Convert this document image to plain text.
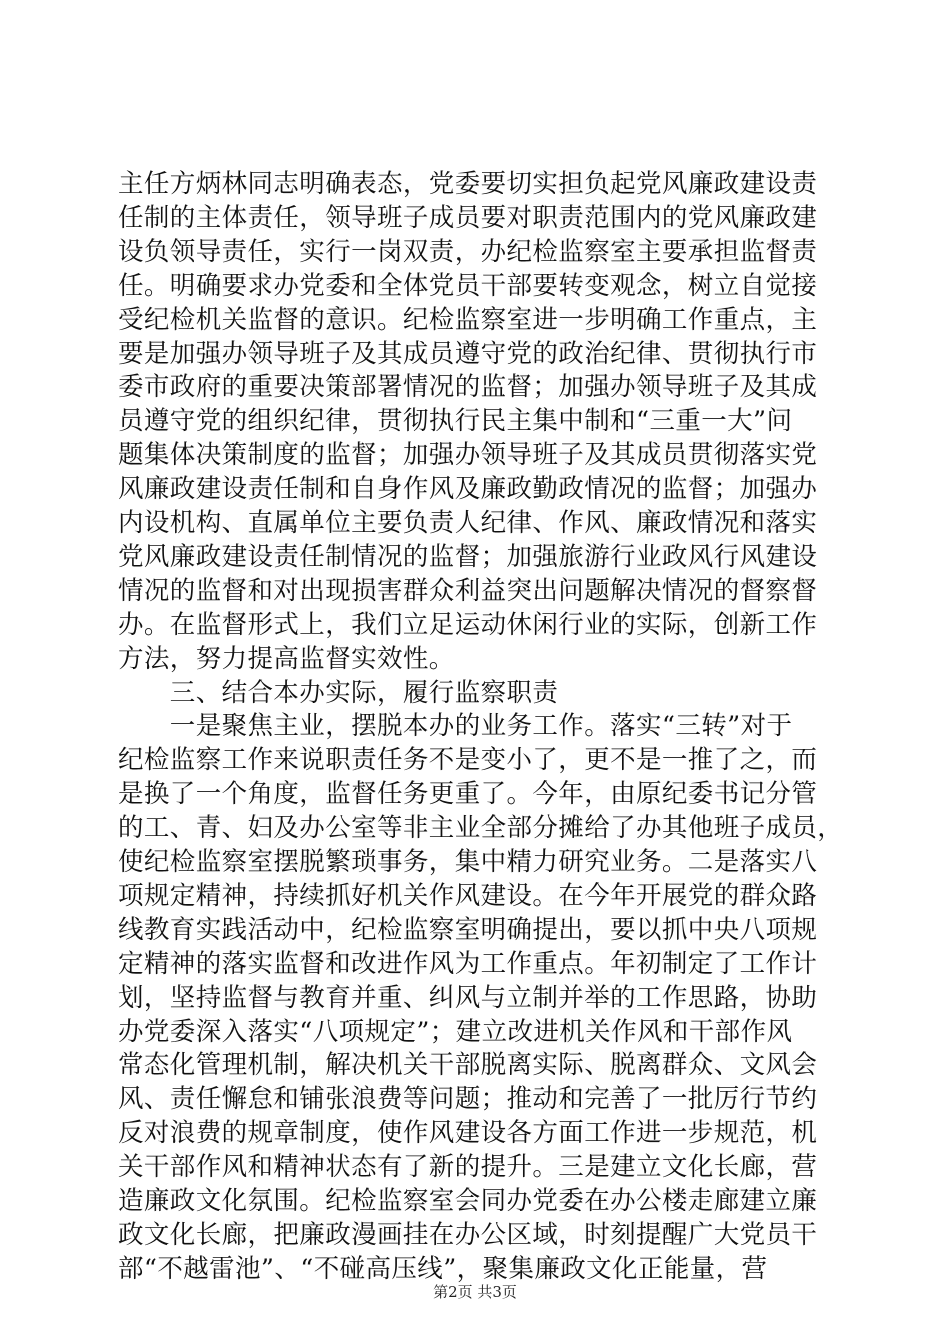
主任方炳林同志明确表态，党委要切实担负起党风廉政建设责
任制的主体责任，领导班子成员要对职责范围内的党风廉政建
设负领导责任，实行一岗双责，办纪检监察室主要承担监督责
任。明确要求办党委和全体党员干部要转变观念，树立自觉接
受纪检机关监督的意识。纪检监察室进一步明确工作重点，主
要是加强办领导班子及其成员遵守党的政治纪律、贯彻执行市
委市政府的重要决策部署情况的监督；加强办领导班子及其成
员遵守党的组织纪律，贯彻执行民主集中制和“三重一大”问
题集体决策制度的监督；加强办领导班子及其成员贯彻落实党
风廉政建设责任制和自身作风及廉政勤政情况的监督；加强办
内设机构、直属单位主要负责人纪律、作风、廉政情况和落实
党风廉政建设责任制情况的监督；加强旅游行业政风行风建设
情况的监督和对出现损害群众利益突出问题解决情况的督察督
办。在监督形式上，我们立足运动休闲行业的实际，创新工作
方法，努力提高监督实效性。
　　三、结合本办实际，履行监察职责
　　一是聚焦主业，摆脱本办的业务工作。落实“三转”对于
纪检监察工作来说职责任务不是变小了，更不是一推了之，而
是换了一个角度，监督任务更重了。今年，由原纪委书记分管
的工、青、妇及办公室等非主业全部分摊给了办其他班子成员，
使纪检监察室摆脱繁琐事务，集中精力研究业务。二是落实八
项规定精神，持续抓好机关作风建设。在今年开展党的群众路
线教育实践活动中，纪检监察室明确提出，要以抓中央八项规
定精神的落实监督和改进作风为工作重点。年初制定了工作计
划，坚持监督与教育并重、纠风与立制并举的工作思路，协助
办党委深入落实“八项规定”；建立改进机关作风和干部作风
常态化管理机制，解决机关干部脱离实际、脱离群众、文风会
风、责任懈怠和铺张浪费等问题；推动和完善了一批厉行节约
反对浪费的规章制度，使作风建设各方面工作进一步规范，机
关干部作风和精神状态有了新的提升。三是建立文化长廊，营
造廉政文化氛围。纪检监察室会同办党委在办公楼走廊建立廉
政文化长廊，把廉政漫画挂在办公区域，时刻提醒广大党员干
部“不越雷池”、“不碰高压线”，聚集廉政文化正能量，营
第2页 共3页
